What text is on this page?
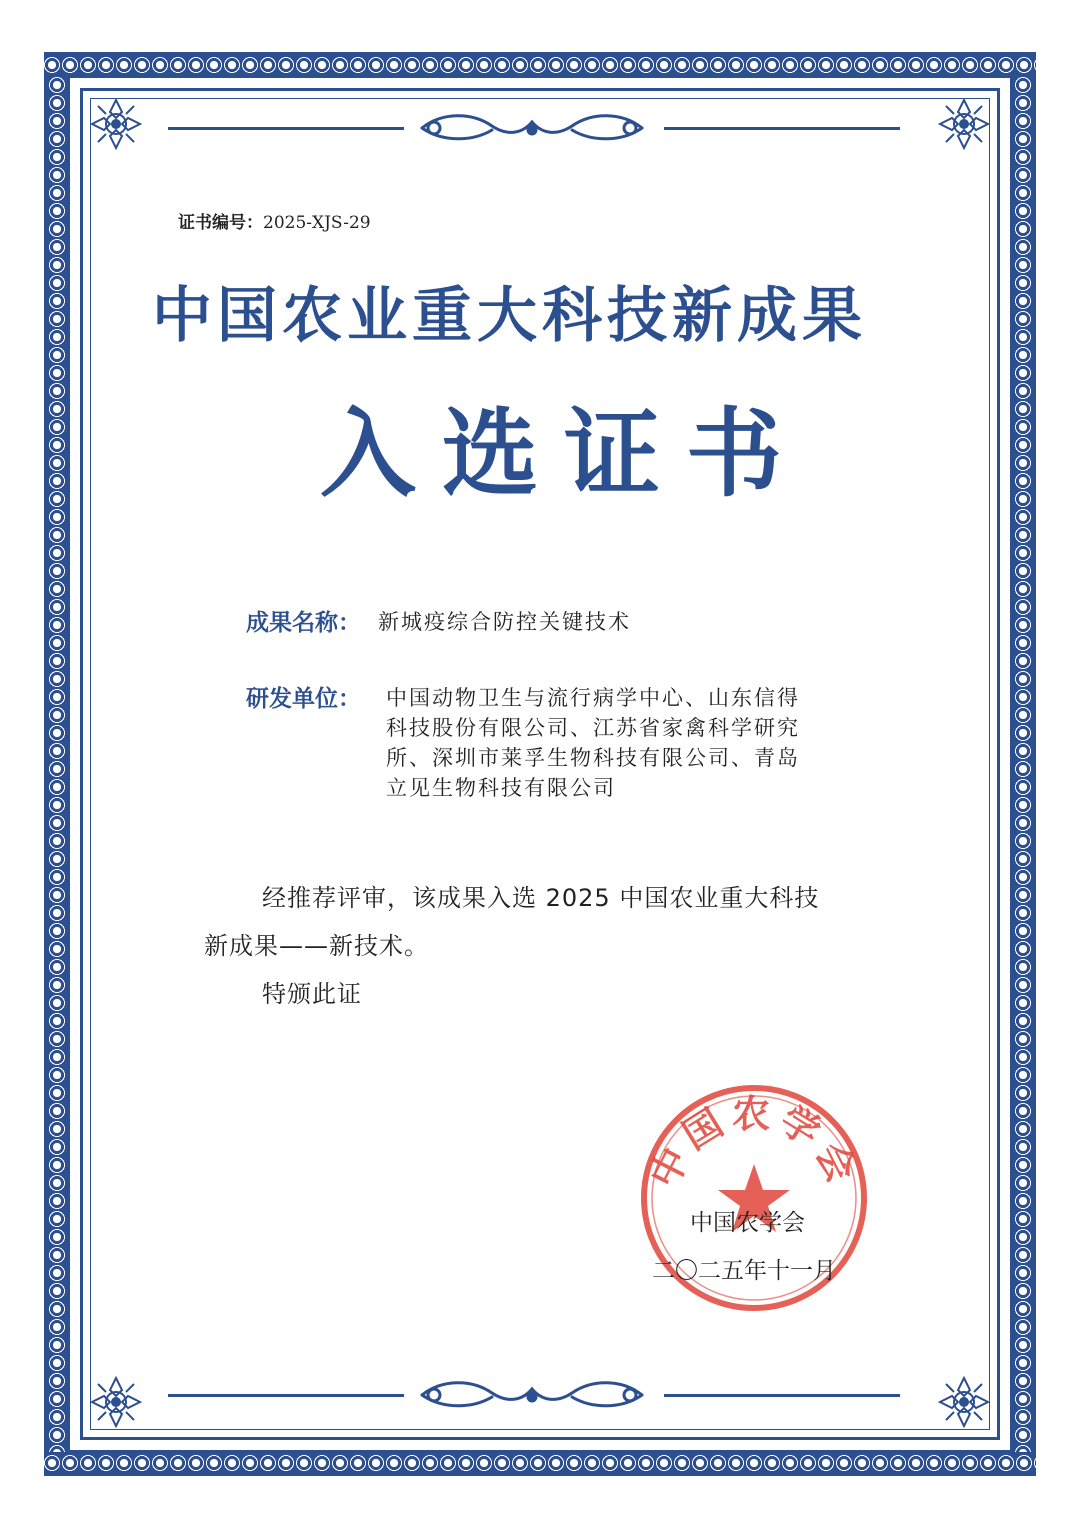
证书编号：2025-XJS-29
中国农业重大科技新成果
入选证书
成果名称： 新城疫综合防控关键技术
研发单位： 中国动物卫生与流行病学中心、山东信得
科技股份有限公司、江苏省家禽科学研究
所、深圳市莱孚生物科技有限公司、青岛
立见生物科技有限公司
经推荐评审，该成果入选 2025 中国农业重大科技
新成果——新技术。
特颁此证
中国农学会
中国农学会
二〇二五年十一月
